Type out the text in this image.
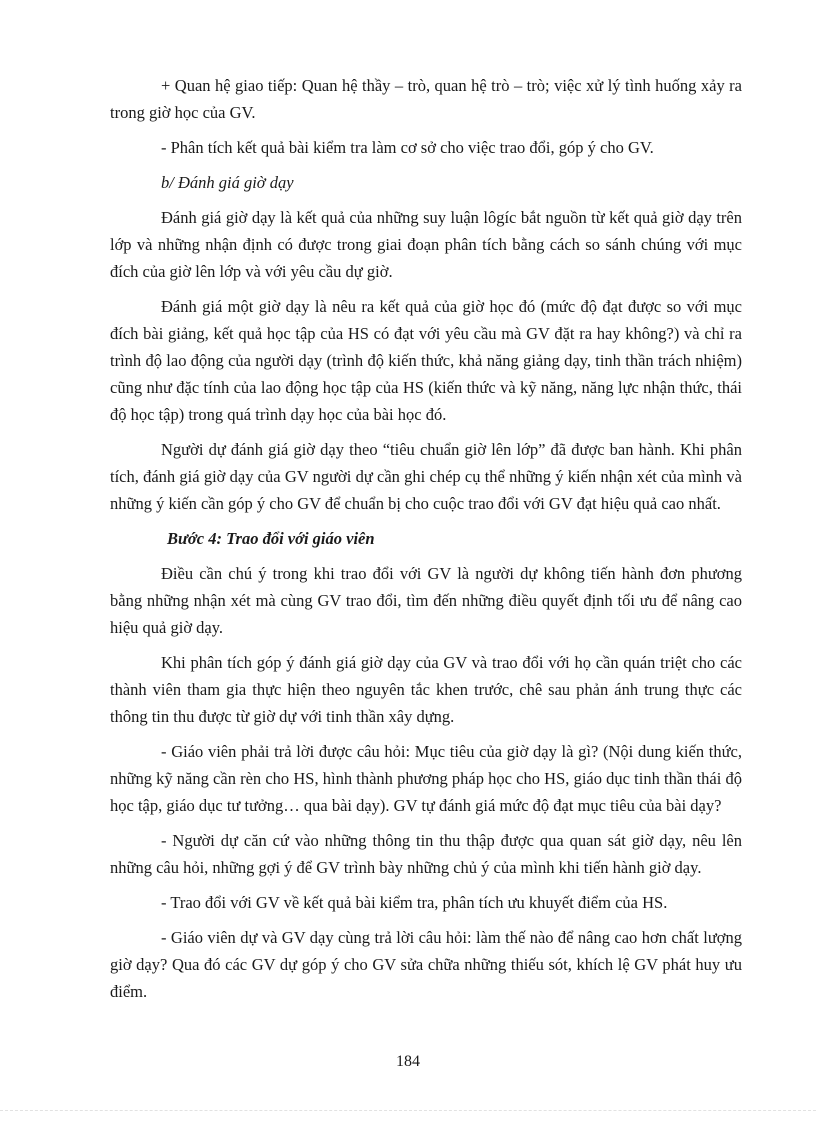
+ Quan hệ giao tiếp: Quan hệ thầy – trò, quan hệ trò – trò; việc xử lý tình huống xảy ra trong giờ học của GV.

- Phân tích kết quả bài kiểm tra làm cơ sở cho việc trao đổi, góp ý cho GV.

b/ Đánh giá giờ dạy

Đánh giá giờ dạy là kết quả của những suy luận lôgíc bắt nguồn từ kết quả giờ dạy trên lớp và những nhận định có được trong giai đoạn phân tích bằng cách so sánh chúng với mục đích của giờ lên lớp và với yêu cầu dự giờ.

Đánh giá một giờ dạy là nêu ra kết quả của giờ học đó (mức độ đạt được so với mục đích bài giảng, kết quả học tập của HS có đạt với yêu cầu mà GV đặt ra hay không?) và chỉ ra trình độ lao động của người dạy (trình độ kiến thức, khả năng giảng dạy, tinh thần trách nhiệm) cũng như đặc tính của lao động học tập của HS (kiến thức và kỹ năng, năng lực nhận thức, thái độ học tập) trong quá trình dạy học của bài học đó.

Người dự đánh giá giờ dạy theo “tiêu chuẩn giờ lên lớp” đã được ban hành. Khi phân tích, đánh giá giờ dạy của GV người dự cần ghi chép cụ thể những ý kiến nhận xét của mình và những ý kiến cần góp ý cho GV để chuẩn bị cho cuộc trao đổi với GV đạt hiệu quả cao nhất.

Bước 4: Trao đổi với giáo viên

Điều cần chú ý trong khi trao đổi với GV là người dự không tiến hành đơn phương bằng những nhận xét mà cùng GV trao đổi, tìm đến những điều quyết định tối ưu để nâng cao hiệu quả giờ dạy.

Khi phân tích góp ý đánh giá giờ dạy của GV và trao đổi với họ cần quán triệt cho các thành viên tham gia thực hiện theo nguyên tắc khen trước, chê sau phản ánh trung thực các thông tin thu được từ giờ dự với tinh thần xây dựng.

- Giáo viên phải trả lời được câu hỏi: Mục tiêu của giờ dạy là gì? (Nội dung kiến thức, những kỹ năng cần rèn cho HS, hình thành phương pháp học cho HS, giáo dục tinh thần thái độ học tập, giáo dục tư tưởng… qua bài dạy). GV tự đánh giá mức độ đạt mục tiêu của bài dạy?

- Người dự căn cứ vào những thông tin thu thập được qua quan sát giờ dạy, nêu lên những câu hỏi, những gợi ý để GV trình bày những chủ ý của mình khi tiến hành giờ dạy.

- Trao đổi với GV về kết quả bài kiểm tra, phân tích ưu khuyết điểm của HS.

- Giáo viên dự và GV dạy cùng trả lời câu hỏi: làm thế nào để nâng cao hơn chất lượng giờ dạy? Qua đó các GV dự góp ý cho GV sửa chữa những thiếu sót, khích lệ GV phát huy ưu điểm.

184
